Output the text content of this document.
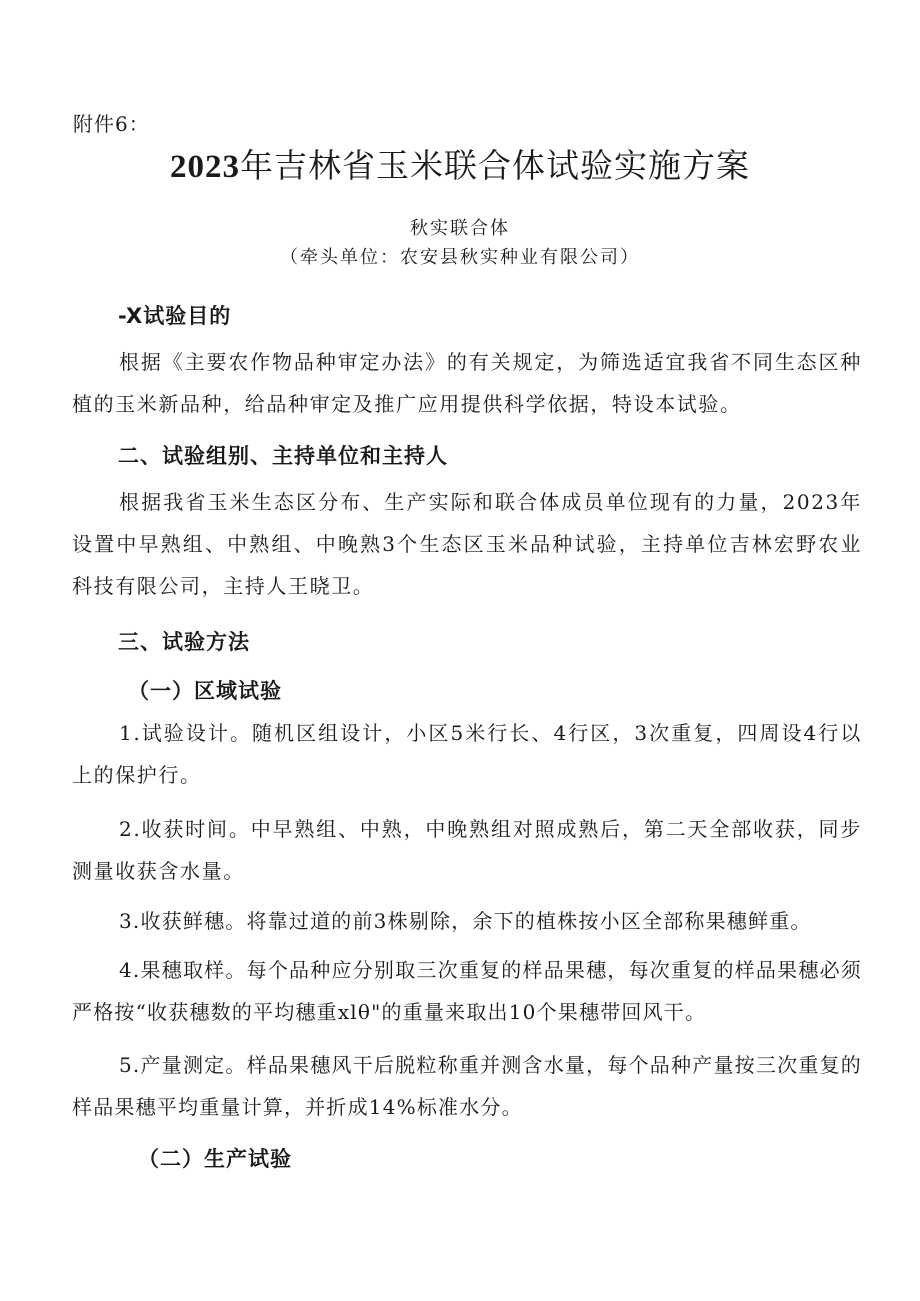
附件6：
2023年吉林省玉米联合体试验实施方案
秋实联合体
（牵头单位：农安县秋实种业有限公司）
-X试验目的
根据《主要农作物品种审定办法》的有关规定，为筛选适宜我省不同生态区种植的玉米新品种，给品种审定及推广应用提供科学依据，特设本试验。
二、试验组别、主持单位和主持人
根据我省玉米生态区分布、生产实际和联合体成员单位现有的力量，2023年设置中早熟组、中熟组、中晚熟3个生态区玉米品种试验，主持单位吉林宏野农业科技有限公司，主持人王晓卫。
三、试验方法
（一）区域试验
1.试验设计。随机区组设计，小区5米行长、4行区，3次重复，四周设4行以上的保护行。
2.收获时间。中早熟组、中熟，中晚熟组对照成熟后，第二天全部收获，同步测量收获含水量。
3.收获鲜穗。将靠过道的前3株剔除，余下的植株按小区全部称果穗鲜重。
4.果穗取样。每个品种应分别取三次重复的样品果穗，每次重复的样品果穗必须严格按“收获穗数的平均穗重xlθ"的重量来取出10个果穗带回风干。
5.产量测定。样品果穗风干后脱粒称重并测含水量，每个品种产量按三次重复的样品果穗平均重量计算，并折成14%标准水分。
（二）生产试验
